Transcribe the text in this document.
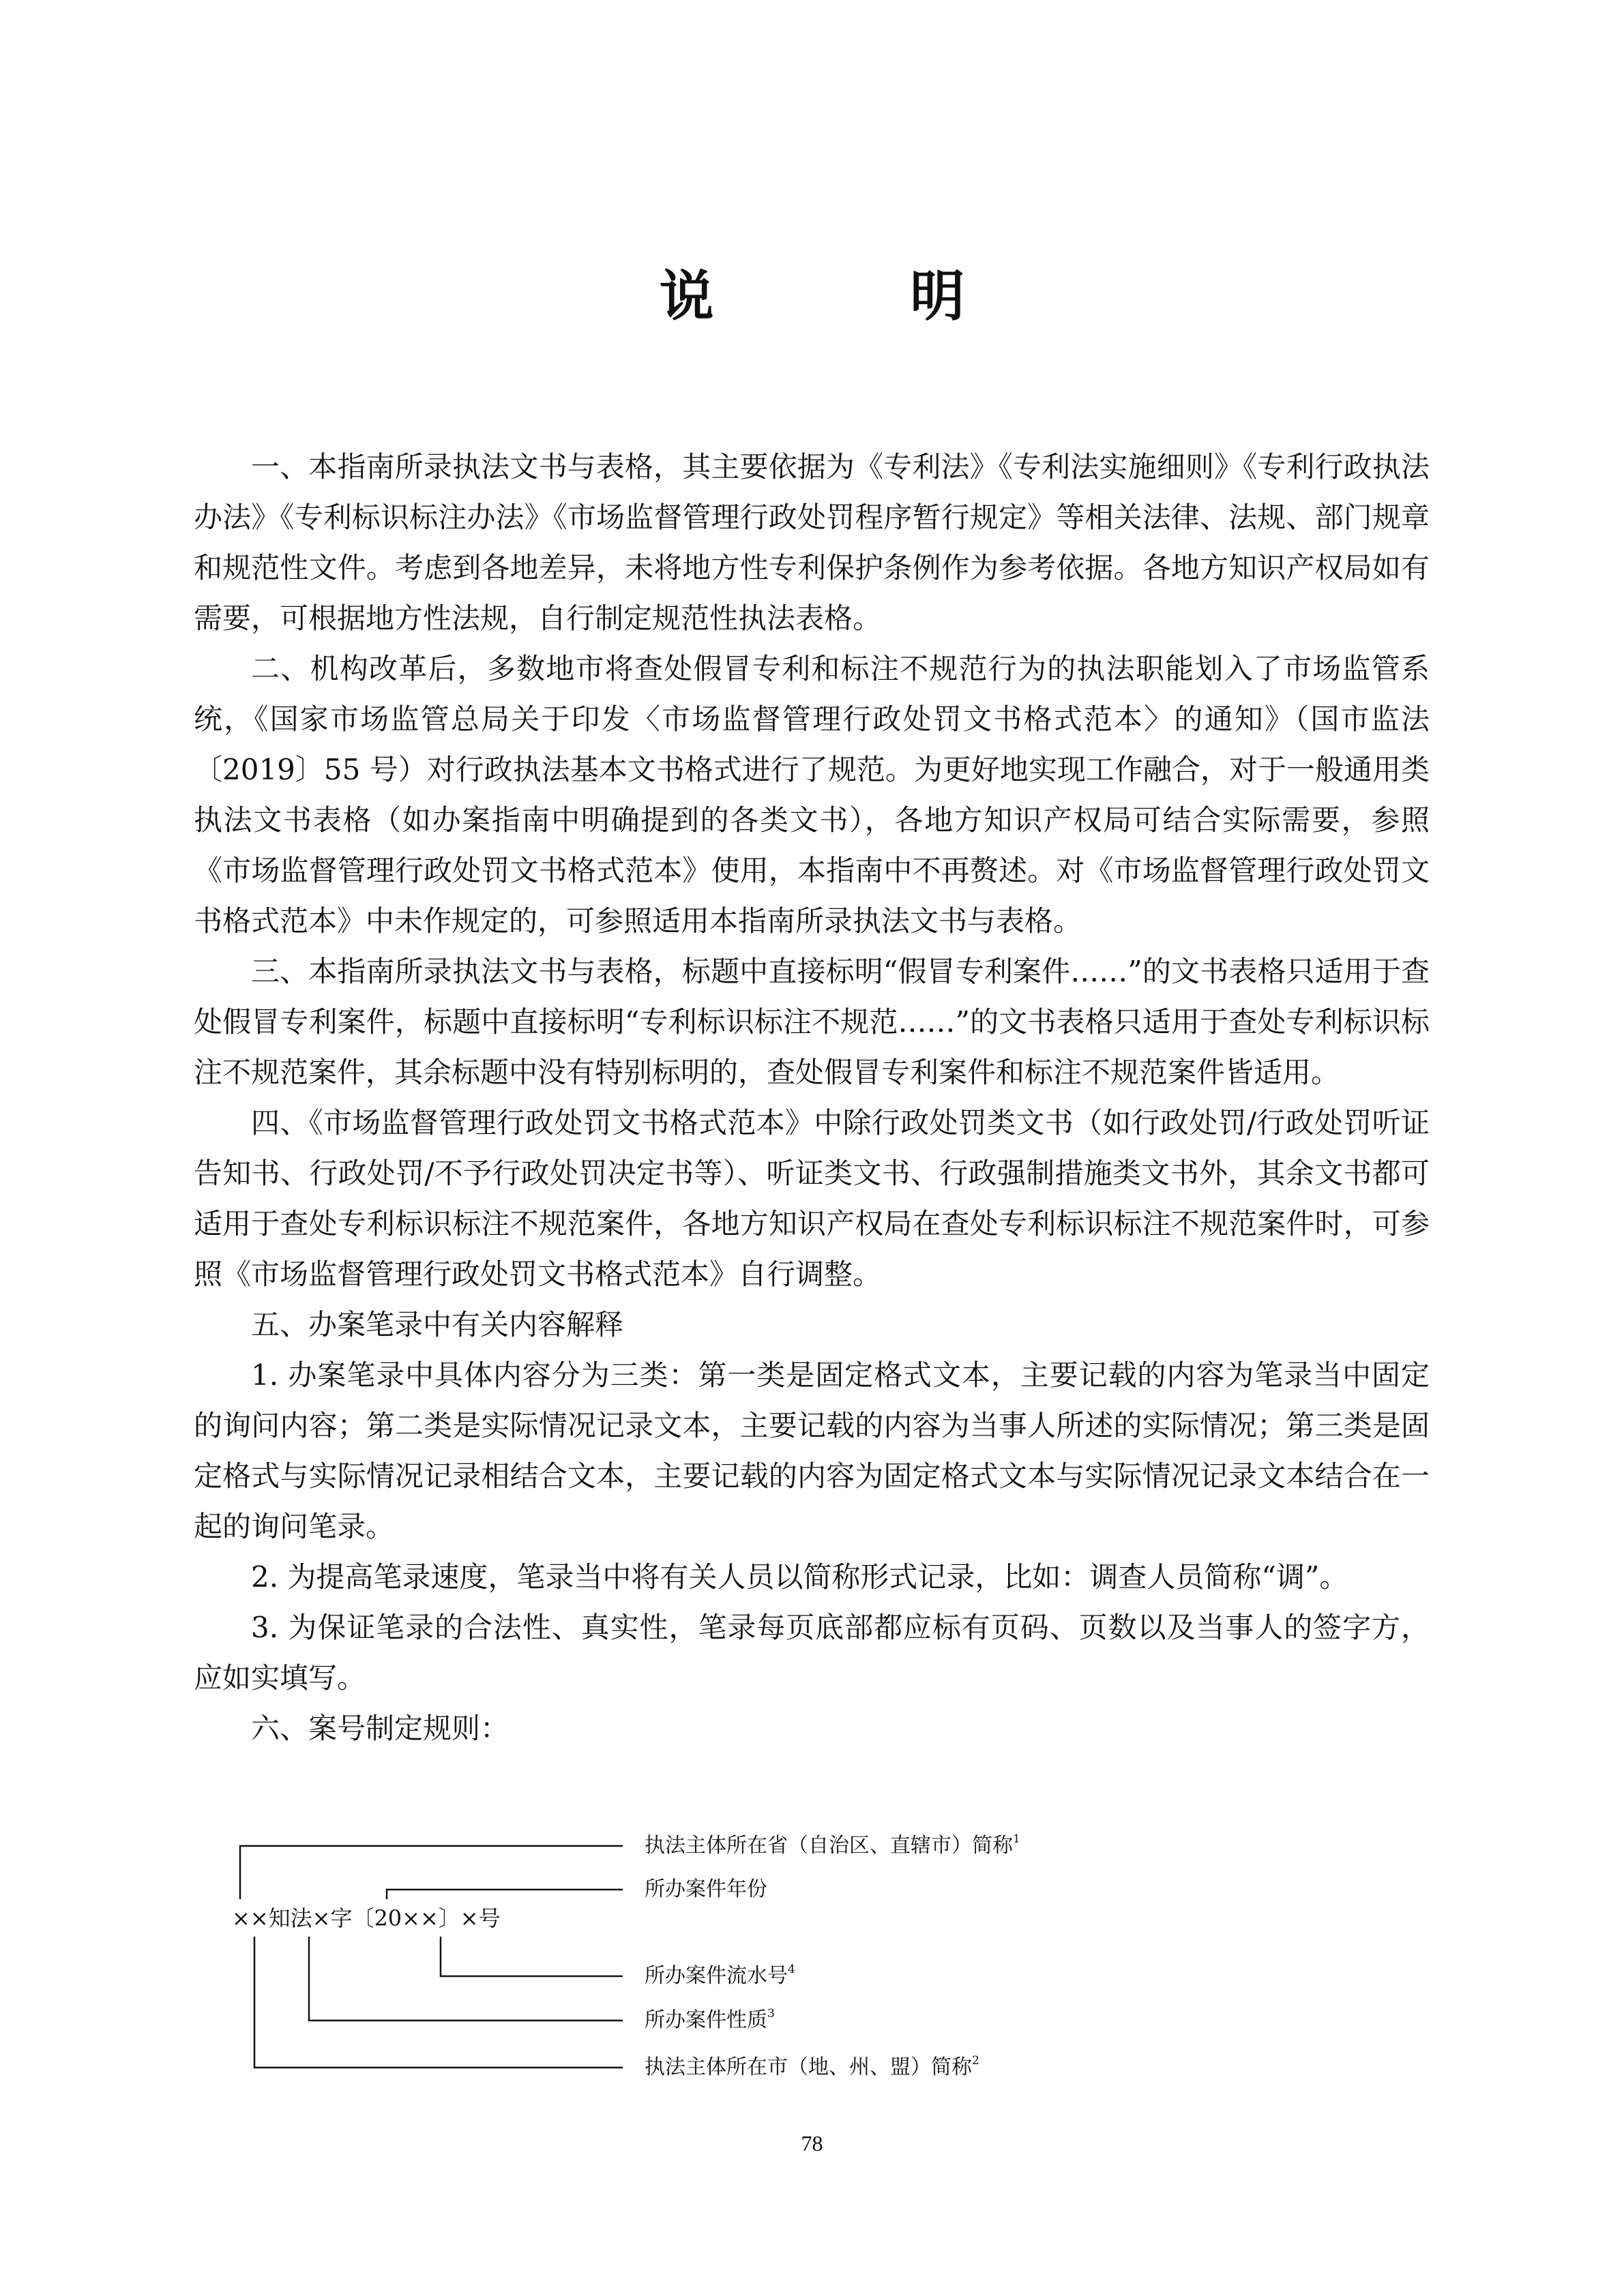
说 明

一、本指南所录执法文书与表格，其主要依据为《专利法》《专利法实施细则》《专利行政执法办法》《专利标识标注办法》《市场监督管理行政处罚程序暂行规定》等相关法律、法规、部门规章和规范性文件。考虑到各地差异，未将地方性专利保护条例作为参考依据。各地方知识产权局如有需要，可根据地方性法规，自行制定规范性执法表格。

二、机构改革后，多数地市将查处假冒专利和标注不规范行为的执法职能划入了市场监管系统，《国家市场监管总局关于印发〈市场监督管理行政处罚文书格式范本〉的通知》（国市监法〔2019〕55 号）对行政执法基本文书格式进行了规范。为更好地实现工作融合，对于一般通用类执法文书表格（如办案指南中明确提到的各类文书），各地方知识产权局可结合实际需要，参照《市场监督管理行政处罚文书格式范本》使用，本指南中不再赘述。对《市场监督管理行政处罚文书格式范本》中未作规定的，可参照适用本指南所录执法文书与表格。

三、本指南所录执法文书与表格，标题中直接标明“假冒专利案件……”的文书表格只适用于查处假冒专利案件，标题中直接标明“专利标识标注不规范……”的文书表格只适用于查处专利标识标注不规范案件，其余标题中没有特别标明的，查处假冒专利案件和标注不规范案件皆适用。

四、《市场监督管理行政处罚文书格式范本》中除行政处罚类文书（如行政处罚/行政处罚听证告知书、行政处罚/不予行政处罚决定书等）、听证类文书、行政强制措施类文书外，其余文书都可适用于查处专利标识标注不规范案件，各地方知识产权局在查处专利标识标注不规范案件时，可参照《市场监督管理行政处罚文书格式范本》自行调整。

五、办案笔录中有关内容解释

1. 办案笔录中具体内容分为三类：第一类是固定格式文本，主要记载的内容为笔录当中固定的询问内容；第二类是实际情况记录文本，主要记载的内容为当事人所述的实际情况；第三类是固定格式与实际情况记录相结合文本，主要记载的内容为固定格式文本与实际情况记录文本结合在一起的询问笔录。

2. 为提高笔录速度，笔录当中将有关人员以简称形式记录，比如：调查人员简称“调”。

3. 为保证笔录的合法性、真实性，笔录每页底部都应标有页码、页数以及当事人的签字方，应如实填写。

六、案号制定规则：

××知法×字〔20××〕×号
执法主体所在省（自治区、直辖市）简称$^1$
所办案件年份
所办案件流水号$^4$
所办案件性质$^3$
执法主体所在市（地、州、盟）简称$^2$
78
